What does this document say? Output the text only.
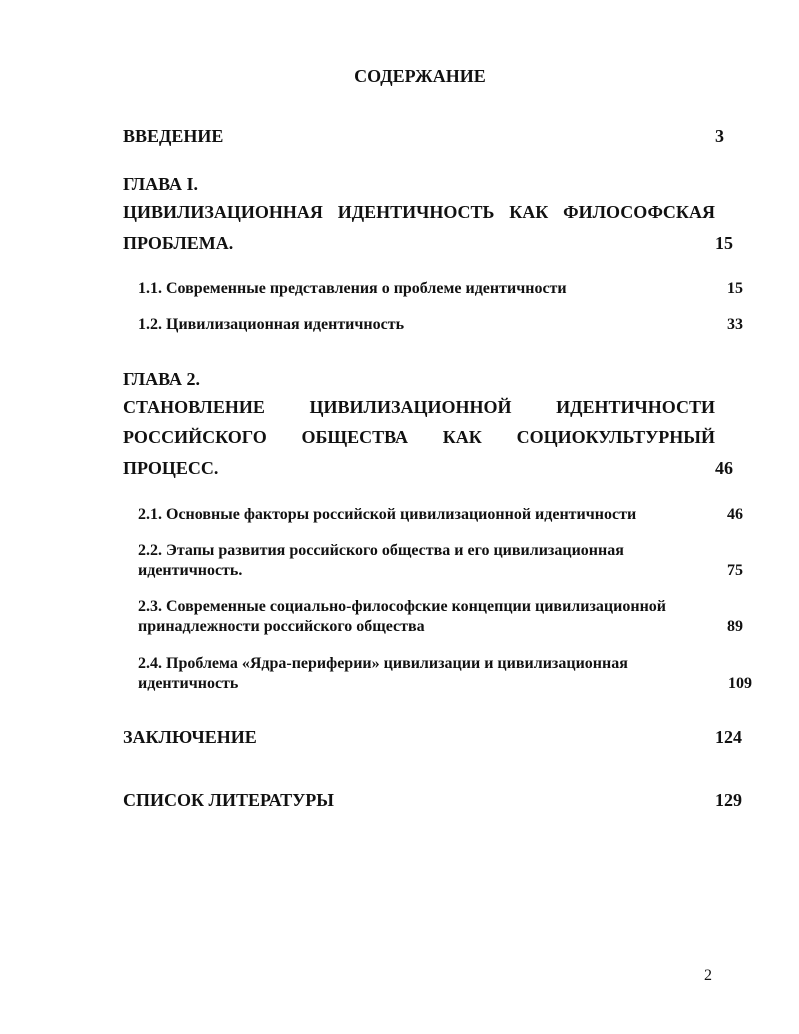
СОДЕРЖАНИЕ
ВВЕДЕНИЕ	3
ГЛАВА I.
ЦИВИЛИЗАЦИОННАЯ ИДЕНТИЧНОСТЬ КАК ФИЛОСОФСКАЯ
ПРОБЛЕМА.	15
1.1. Современные представления о проблеме идентичности	15
1.2. Цивилизационная идентичность	33
ГЛАВА 2.
СТАНОВЛЕНИЕ ЦИВИЛИЗАЦИОННОЙ ИДЕНТИЧНОСТИ
РОССИЙСКОГО ОБЩЕСТВА КАК СОЦИОКУЛЬТУРНЫЙ
ПРОЦЕСС.	46
2.1. Основные факторы российской цивилизационной идентичности	46
2.2. Этапы развития российского общества и его цивилизационная
идентичность.	75
2.3. Современные социально-философские концепции цивилизационной
принадлежности российского общества	89
2.4. Проблема «Ядра-периферии» цивилизации и цивилизационная
идентичность	109
ЗАКЛЮЧЕНИЕ	124
СПИСОК ЛИТЕРАТУРЫ	129
2
